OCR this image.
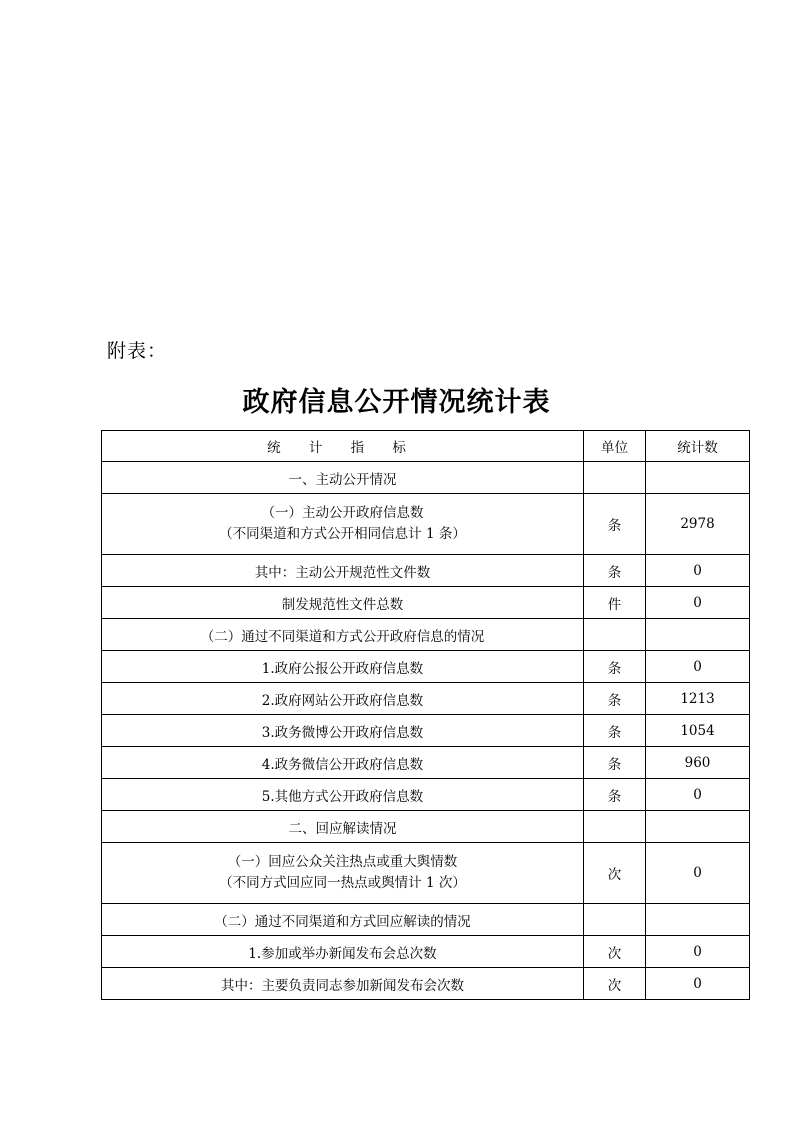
附表：
政府信息公开情况统计表
统 计 指 标	单位	统计数
一、主动公开情况		

（一）主动公开政府信息数
（不同渠道和方式公开相同信息计 1 条）	条	2978
其中：主动公开规范性文件数	条	0
制发规范性文件总数	件	0
（二）通过不同渠道和方式公开政府信息的情况		
1.政府公报公开政府信息数	条	0
2.政府网站公开政府信息数	条	1213
3.政务微博公开政府信息数	条	1054
4.政务微信公开政府信息数	条	960
5.其他方式公开政府信息数	条	0
二、回应解读情况		

（一）回应公众关注热点或重大舆情数
（不同方式回应同一热点或舆情计 1 次）	次	0
（二）通过不同渠道和方式回应解读的情况		
1.参加或举办新闻发布会总次数	次	0
其中：主要负责同志参加新闻发布会次数	次	0
